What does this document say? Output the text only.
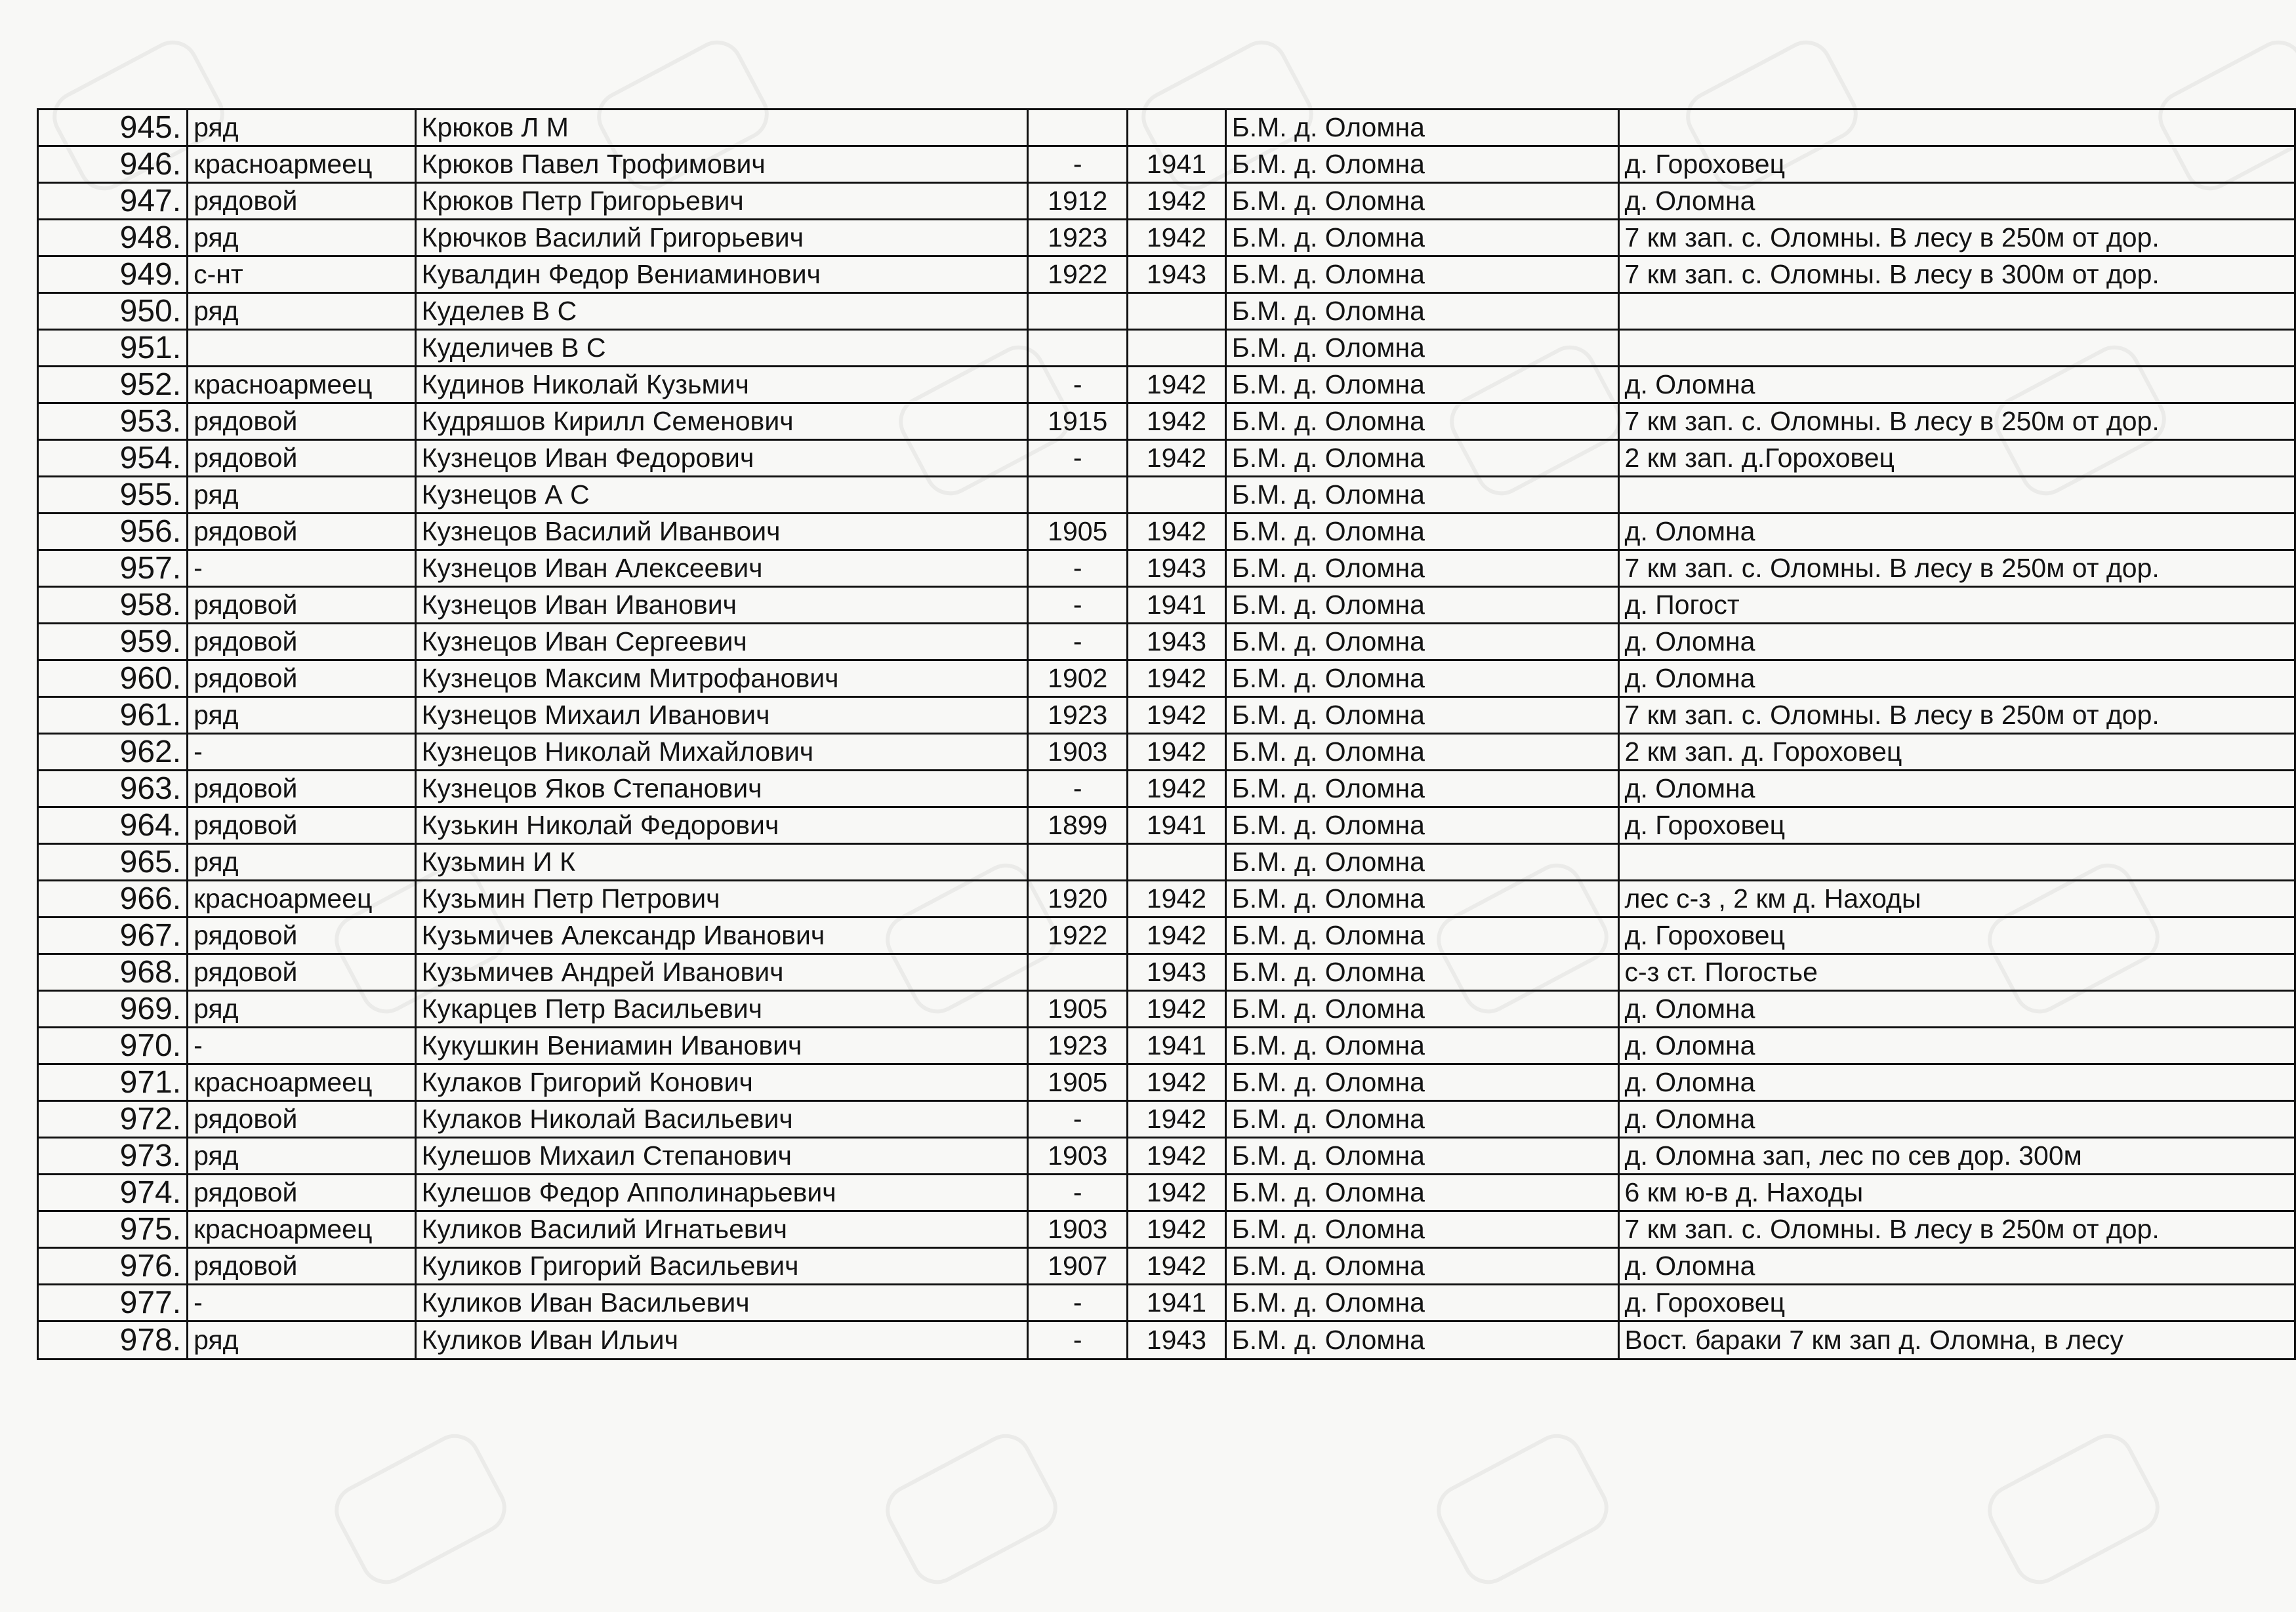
945.	ряд	Крюков Л М			Б.М. д. Оломна	
946.	красноармеец	Крюков Павел Трофимович	-	1941	Б.М. д. Оломна	д. Гороховец
947.	рядовой	Крюков Петр Григорьевич	1912	1942	Б.М. д. Оломна	д. Оломна
948.	ряд	Крючков Василий Григорьевич	1923	1942	Б.М. д. Оломна	7 км зап. с. Оломны. В лесу в 250м от дор.
949.	с-нт	Кувалдин Федор Вениаминович	1922	1943	Б.М. д. Оломна	7 км зап. с. Оломны. В лесу в 300м от дор.
950.	ряд	Куделев В С			Б.М. д. Оломна	
951.		Куделичев В С			Б.М. д. Оломна	
952.	красноармеец	Кудинов Николай Кузьмич	-	1942	Б.М. д. Оломна	д. Оломна
953.	рядовой	Кудряшов Кирилл Семенович	1915	1942	Б.М. д. Оломна	7 км зап. с. Оломны. В лесу в 250м от дор.
954.	рядовой	Кузнецов Иван Федорович	-	1942	Б.М. д. Оломна	2 км зап. д.Гороховец
955.	ряд	Кузнецов А С			Б.М. д. Оломна	
956.	рядовой	Кузнецов Василий Иванвоич	1905	1942	Б.М. д. Оломна	д. Оломна
957.	-	Кузнецов Иван Алексеевич	-	1943	Б.М. д. Оломна	7 км зап. с. Оломны. В лесу в 250м от дор.
958.	рядовой	Кузнецов Иван Иванович	-	1941	Б.М. д. Оломна	д. Погост
959.	рядовой	Кузнецов Иван Сергеевич	-	1943	Б.М. д. Оломна	д. Оломна
960.	рядовой	Кузнецов Максим Митрофанович	1902	1942	Б.М. д. Оломна	д. Оломна
961.	ряд	Кузнецов Михаил Иванович	1923	1942	Б.М. д. Оломна	7 км зап. с. Оломны. В лесу в 250м от дор.
962.	-	Кузнецов Николай Михайлович	1903	1942	Б.М. д. Оломна	2 км зап. д. Гороховец
963.	рядовой	Кузнецов Яков Степанович	-	1942	Б.М. д. Оломна	д. Оломна
964.	рядовой	Кузькин Николай Федорович	1899	1941	Б.М. д. Оломна	д. Гороховец
965.	ряд	Кузьмин И К			Б.М. д. Оломна	
966.	красноармеец	Кузьмин Петр Петрович	1920	1942	Б.М. д. Оломна	лес с-з , 2 км д. Находы
967.	рядовой	Кузьмичев Александр Иванович	1922	1942	Б.М. д. Оломна	д. Гороховец
968.	рядовой	Кузьмичев Андрей Иванович		1943	Б.М. д. Оломна	с-з ст. Погостье
969.	ряд	Кукарцев Петр Васильевич	1905	1942	Б.М. д. Оломна	д. Оломна
970.	-	Кукушкин Вениамин Иванович	1923	1941	Б.М. д. Оломна	д. Оломна
971.	красноармеец	Кулаков Григорий Конович	1905	1942	Б.М. д. Оломна	д. Оломна
972.	рядовой	Кулаков Николай Васильевич	-	1942	Б.М. д. Оломна	д. Оломна
973.	ряд	Кулешов Михаил Степанович	1903	1942	Б.М. д. Оломна	д. Оломна зап, лес по сев дор. 300м
974.	рядовой	Кулешов Федор Апполинарьевич	-	1942	Б.М. д. Оломна	6 км ю-в д. Находы
975.	красноармеец	Куликов Василий Игнатьевич	1903	1942	Б.М. д. Оломна	7 км зап. с. Оломны. В лесу в 250м от дор.
976.	рядовой	Куликов Григорий Васильевич	1907	1942	Б.М. д. Оломна	д. Оломна
977.	-	Куликов Иван Васильевич	-	1941	Б.М. д. Оломна	д. Гороховец
978.	ряд	Куликов Иван Ильич	-	1943	Б.М. д. Оломна	Вост. бараки 7 км зап д. Оломна, в лесу
